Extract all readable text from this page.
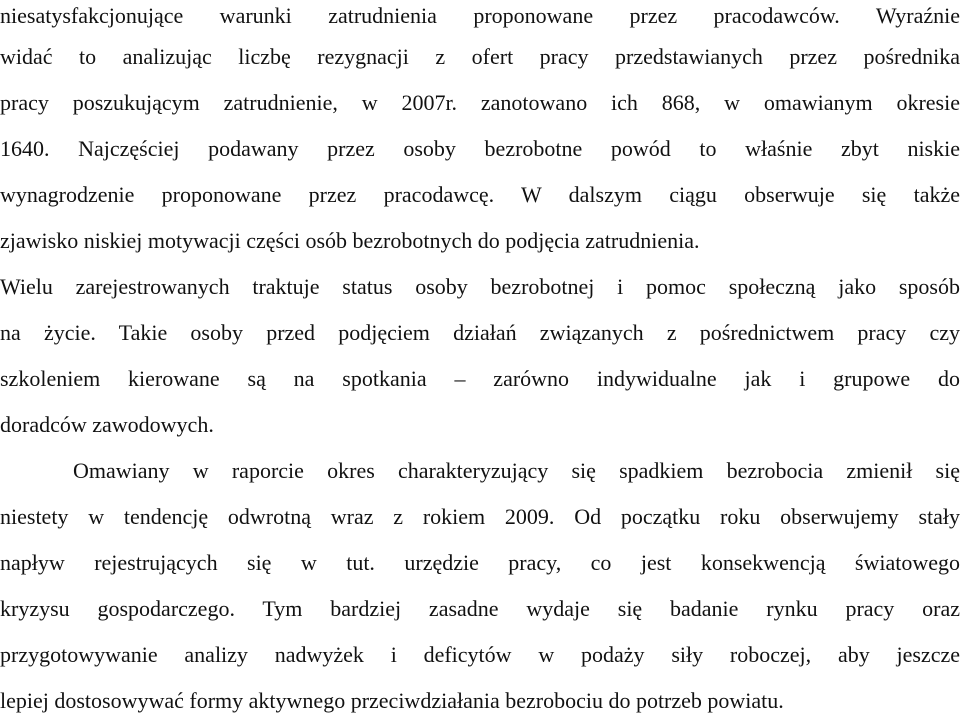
niesatysfakcjonujące warunki zatrudnienia proponowane przez pracodawców. Wyraźnie
widać to analizując liczbę rezygnacji z ofert pracy przedstawianych przez pośrednika
pracy poszukującym zatrudnienie, w 2007r. zanotowano ich 868, w omawianym okresie
1640. Najczęściej podawany przez osoby bezrobotne powód to właśnie zbyt niskie
wynagrodzenie proponowane przez pracodawcę. W dalszym ciągu obserwuje się także
zjawisko niskiej motywacji części osób bezrobotnych do podjęcia zatrudnienia.
Wielu zarejestrowanych traktuje status osoby bezrobotnej i pomoc społeczną jako sposób
na życie. Takie osoby przed podjęciem działań związanych z pośrednictwem pracy czy
szkoleniem kierowane są na spotkania – zarówno indywidualne jak i grupowe do
doradców zawodowych.
Omawiany w raporcie okres charakteryzujący się spadkiem bezrobocia zmienił się
niestety w tendencję odwrotną wraz z rokiem 2009. Od początku roku obserwujemy stały
napływ rejestrujących się w tut. urzędzie pracy, co jest konsekwencją światowego
kryzysu gospodarczego. Tym bardziej zasadne wydaje się badanie rynku pracy oraz
przygotowywanie analizy nadwyżek i deficytów w podaży siły roboczej, aby jeszcze
lepiej dostosowywać formy aktywnego przeciwdziałania bezrobociu do potrzeb powiatu.
